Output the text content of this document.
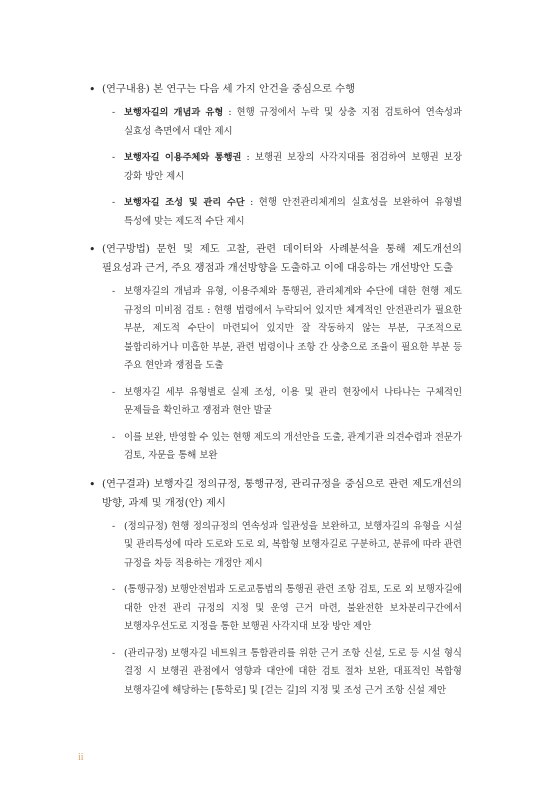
• (연구내용) 본 연구는 다음 세 가지 안건을 중심으로 수행
- 보행자길의 개념과 유형 : 현행 규정에서 누락 및 상충 지점 검토하여 연속성과 실효성 측면에서 대안 제시
- 보행자길 이용주체와 통행권 : 보행권 보장의 사각지대를 점검하여 보행권 보장 강화 방안 제시
- 보행자길 조성 및 관리 수단 : 현행 안전관리체계의 실효성을 보완하여 유형별 특성에 맞는 제도적 수단 제시
• (연구방법) 문헌 및 제도 고찰, 관련 데이터와 사례분석을 통해 제도개선의 필요성과 근거, 주요 쟁점과 개선방향을 도출하고 이에 대응하는 개선방안 도출
- 보행자길의 개념과 유형, 이용주체와 통행권, 관리체계와 수단에 대한 현행 제도 규정의 미비점 검토 : 현행 법령에서 누락되어 있지만 체계적인 안전관리가 필요한 부분, 제도적 수단이 마련되어 있지만 잘 작동하지 않는 부분, 구조적으로 불합리하거나 미흡한 부분, 관련 법령이나 조항 간 상충으로 조율이 필요한 부분 등 주요 현안과 쟁점을 도출
- 보행자길 세부 유형별로 실제 조성, 이용 및 관리 현장에서 나타나는 구체적인 문제들을 확인하고 쟁점과 현안 발굴
- 이를 보완, 반영할 수 있는 현행 제도의 개선안을 도출, 관계기관 의견수렴과 전문가 검토, 자문을 통해 보완
• (연구결과) 보행자길 정의규정, 통행규정, 관리규정을 중심으로 관련 제도개선의 방향, 과제 및 개정(안) 제시
- (정의규정) 현행 정의규정의 연속성과 일관성을 보완하고, 보행자길의 유형을 시설 및 관리특성에 따라 도로와 도로 외, 복합형 보행자길로 구분하고, 분류에 따라 관련 규정을 차등 적용하는 개정안 제시
- (통행규정) 보행안전법과 도로교통법의 통행권 관련 조항 검토, 도로 외 보행자길에 대한 안전 관리 규정의 지정 및 운영 근거 마련, 불완전한 보차분리구간에서 보행자우선도로 지정을 통한 보행권 사각지대 보장 방안 제안
- (관리규정) 보행자길 네트워크 통합관리를 위한 근거 조항 신설, 도로 등 시설 형식 결정 시 보행권 관점에서 영향과 대안에 대한 검토 절차 보완, 대표적인 복합형 보행자길에 해당하는 [통학로] 및 [걷는 길]의 지정 및 조성 근거 조항 신설 제안
ii
